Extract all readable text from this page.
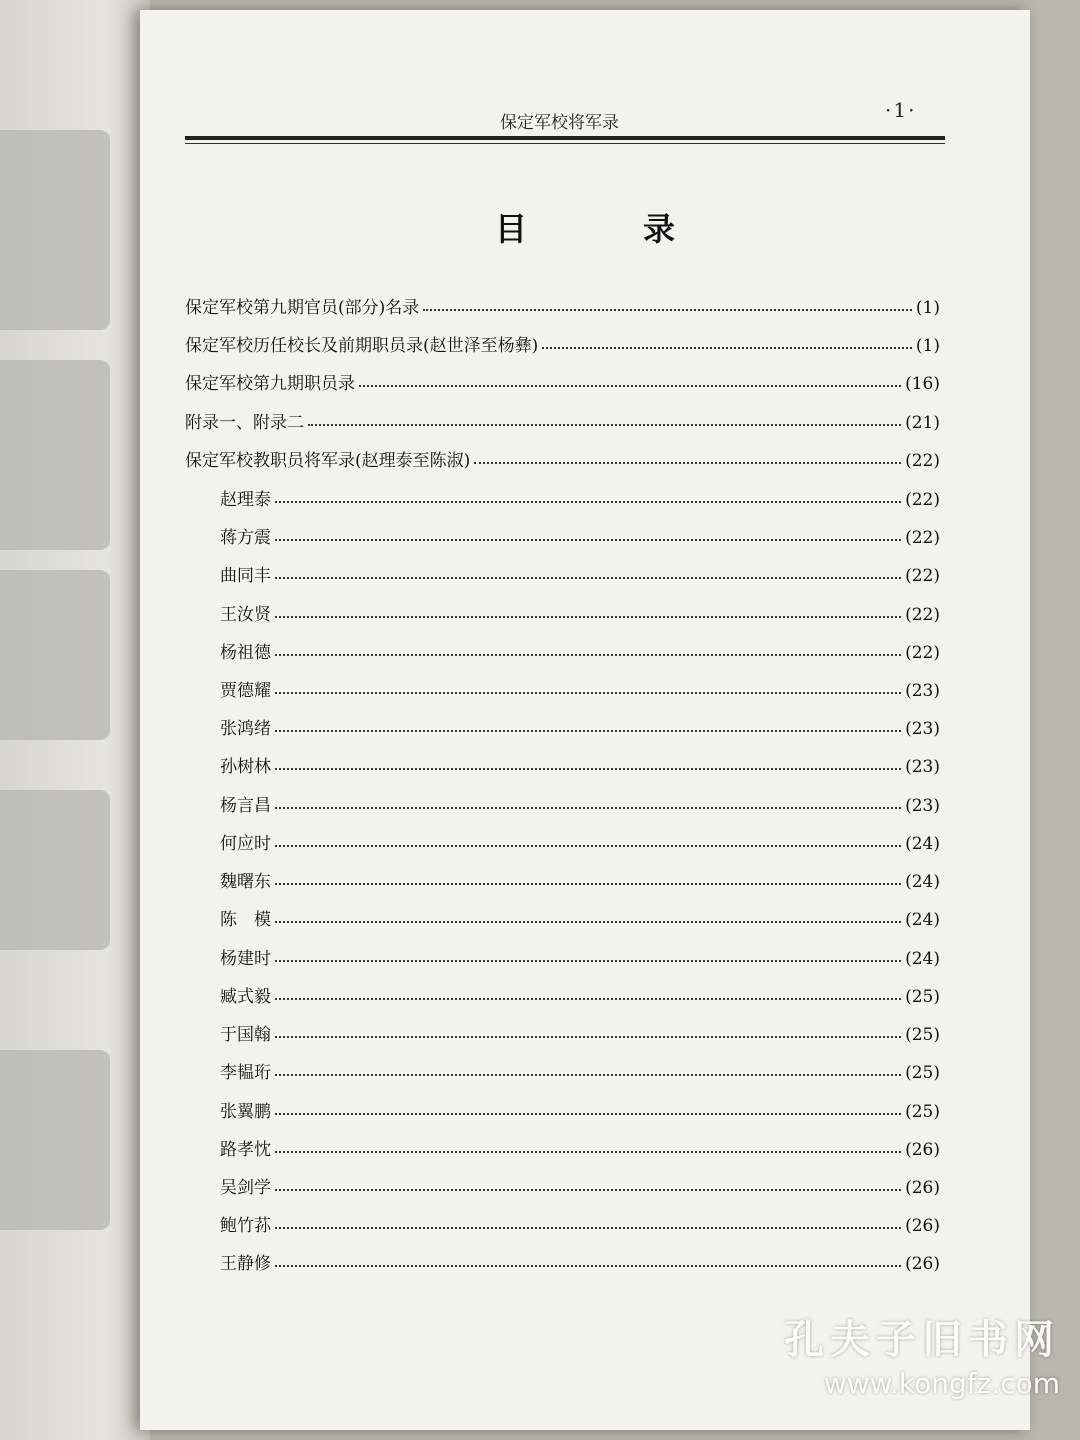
保定军校将军录
·1·
目　录
保定军校第九期官员(部分)名录	(1)
保定军校历任校长及前期职员录(赵世泽至杨彝)	(1)
保定军校第九期职员录	(16)
附录一、附录二	(21)
保定军校教职员将军录(赵理泰至陈淑)	(22)
赵理泰	(22)
蒋方震	(22)
曲同丰	(22)
王汝贤	(22)
杨祖德	(22)
贾德耀	(23)
张鸿绪	(23)
孙树林	(23)
杨言昌	(23)
何应时	(24)
魏曙东	(24)
陈　模	(24)
杨建时	(24)
臧式毅	(25)
于国翰	(25)
李韫珩	(25)
张翼鹏	(25)
路孝忱	(26)
吴剑学	(26)
鲍竹荪	(26)
王静修	(26)
孔夫子旧书网
www.kongfz.com
